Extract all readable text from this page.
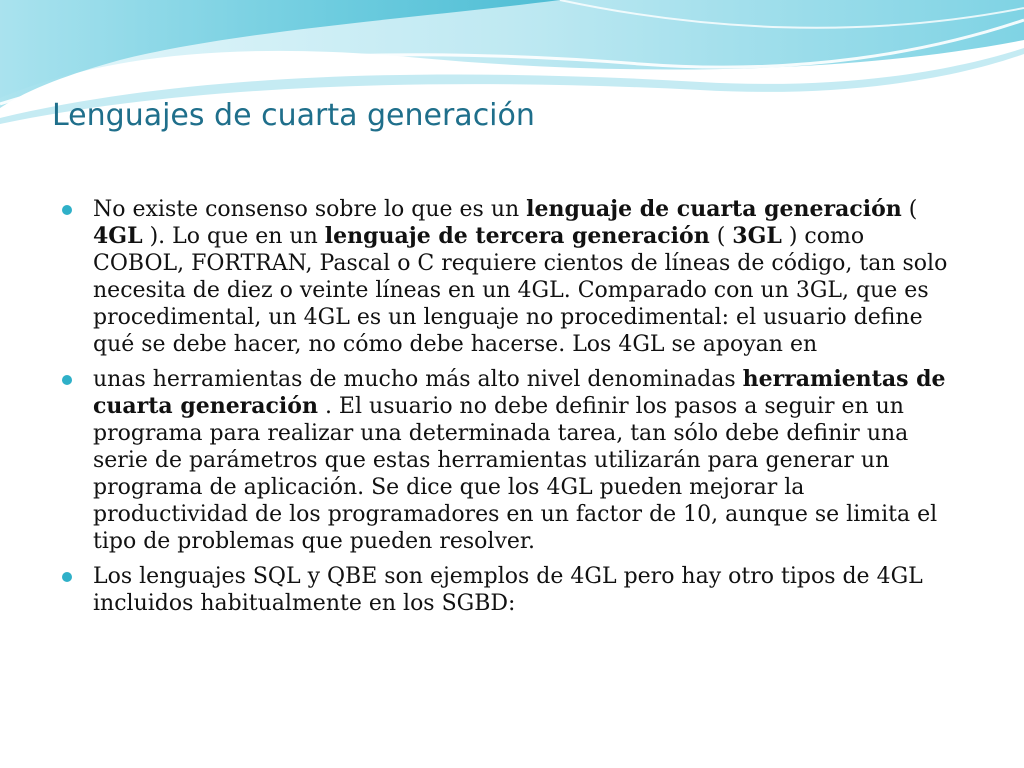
Lenguajes de cuarta generación
No existe consenso sobre lo que es un lenguaje de cuarta generación ( 4GL ). Lo que en un lenguaje de tercera generación ( 3GL ) como COBOL, FORTRAN, Pascal o C requiere cientos de líneas de código, tan solo necesita de diez o veinte líneas en un 4GL. Comparado con un 3GL, que es procedimental, un 4GL es un lenguaje no procedimental: el usuario define qué se debe hacer, no cómo debe hacerse. Los 4GL se apoyan en
unas herramientas de mucho más alto nivel denominadas herramientas de cuarta generación . El usuario no debe definir los pasos a seguir en un programa para realizar una determinada tarea, tan sólo debe definir una serie de parámetros que estas herramientas utilizarán para generar un programa de aplicación. Se dice que los 4GL pueden mejorar la productividad de los programadores en un factor de 10, aunque se limita el tipo de problemas que pueden resolver.
Los lenguajes SQL y QBE son ejemplos de 4GL pero hay otro tipos de 4GL incluidos habitualmente en los SGBD:
